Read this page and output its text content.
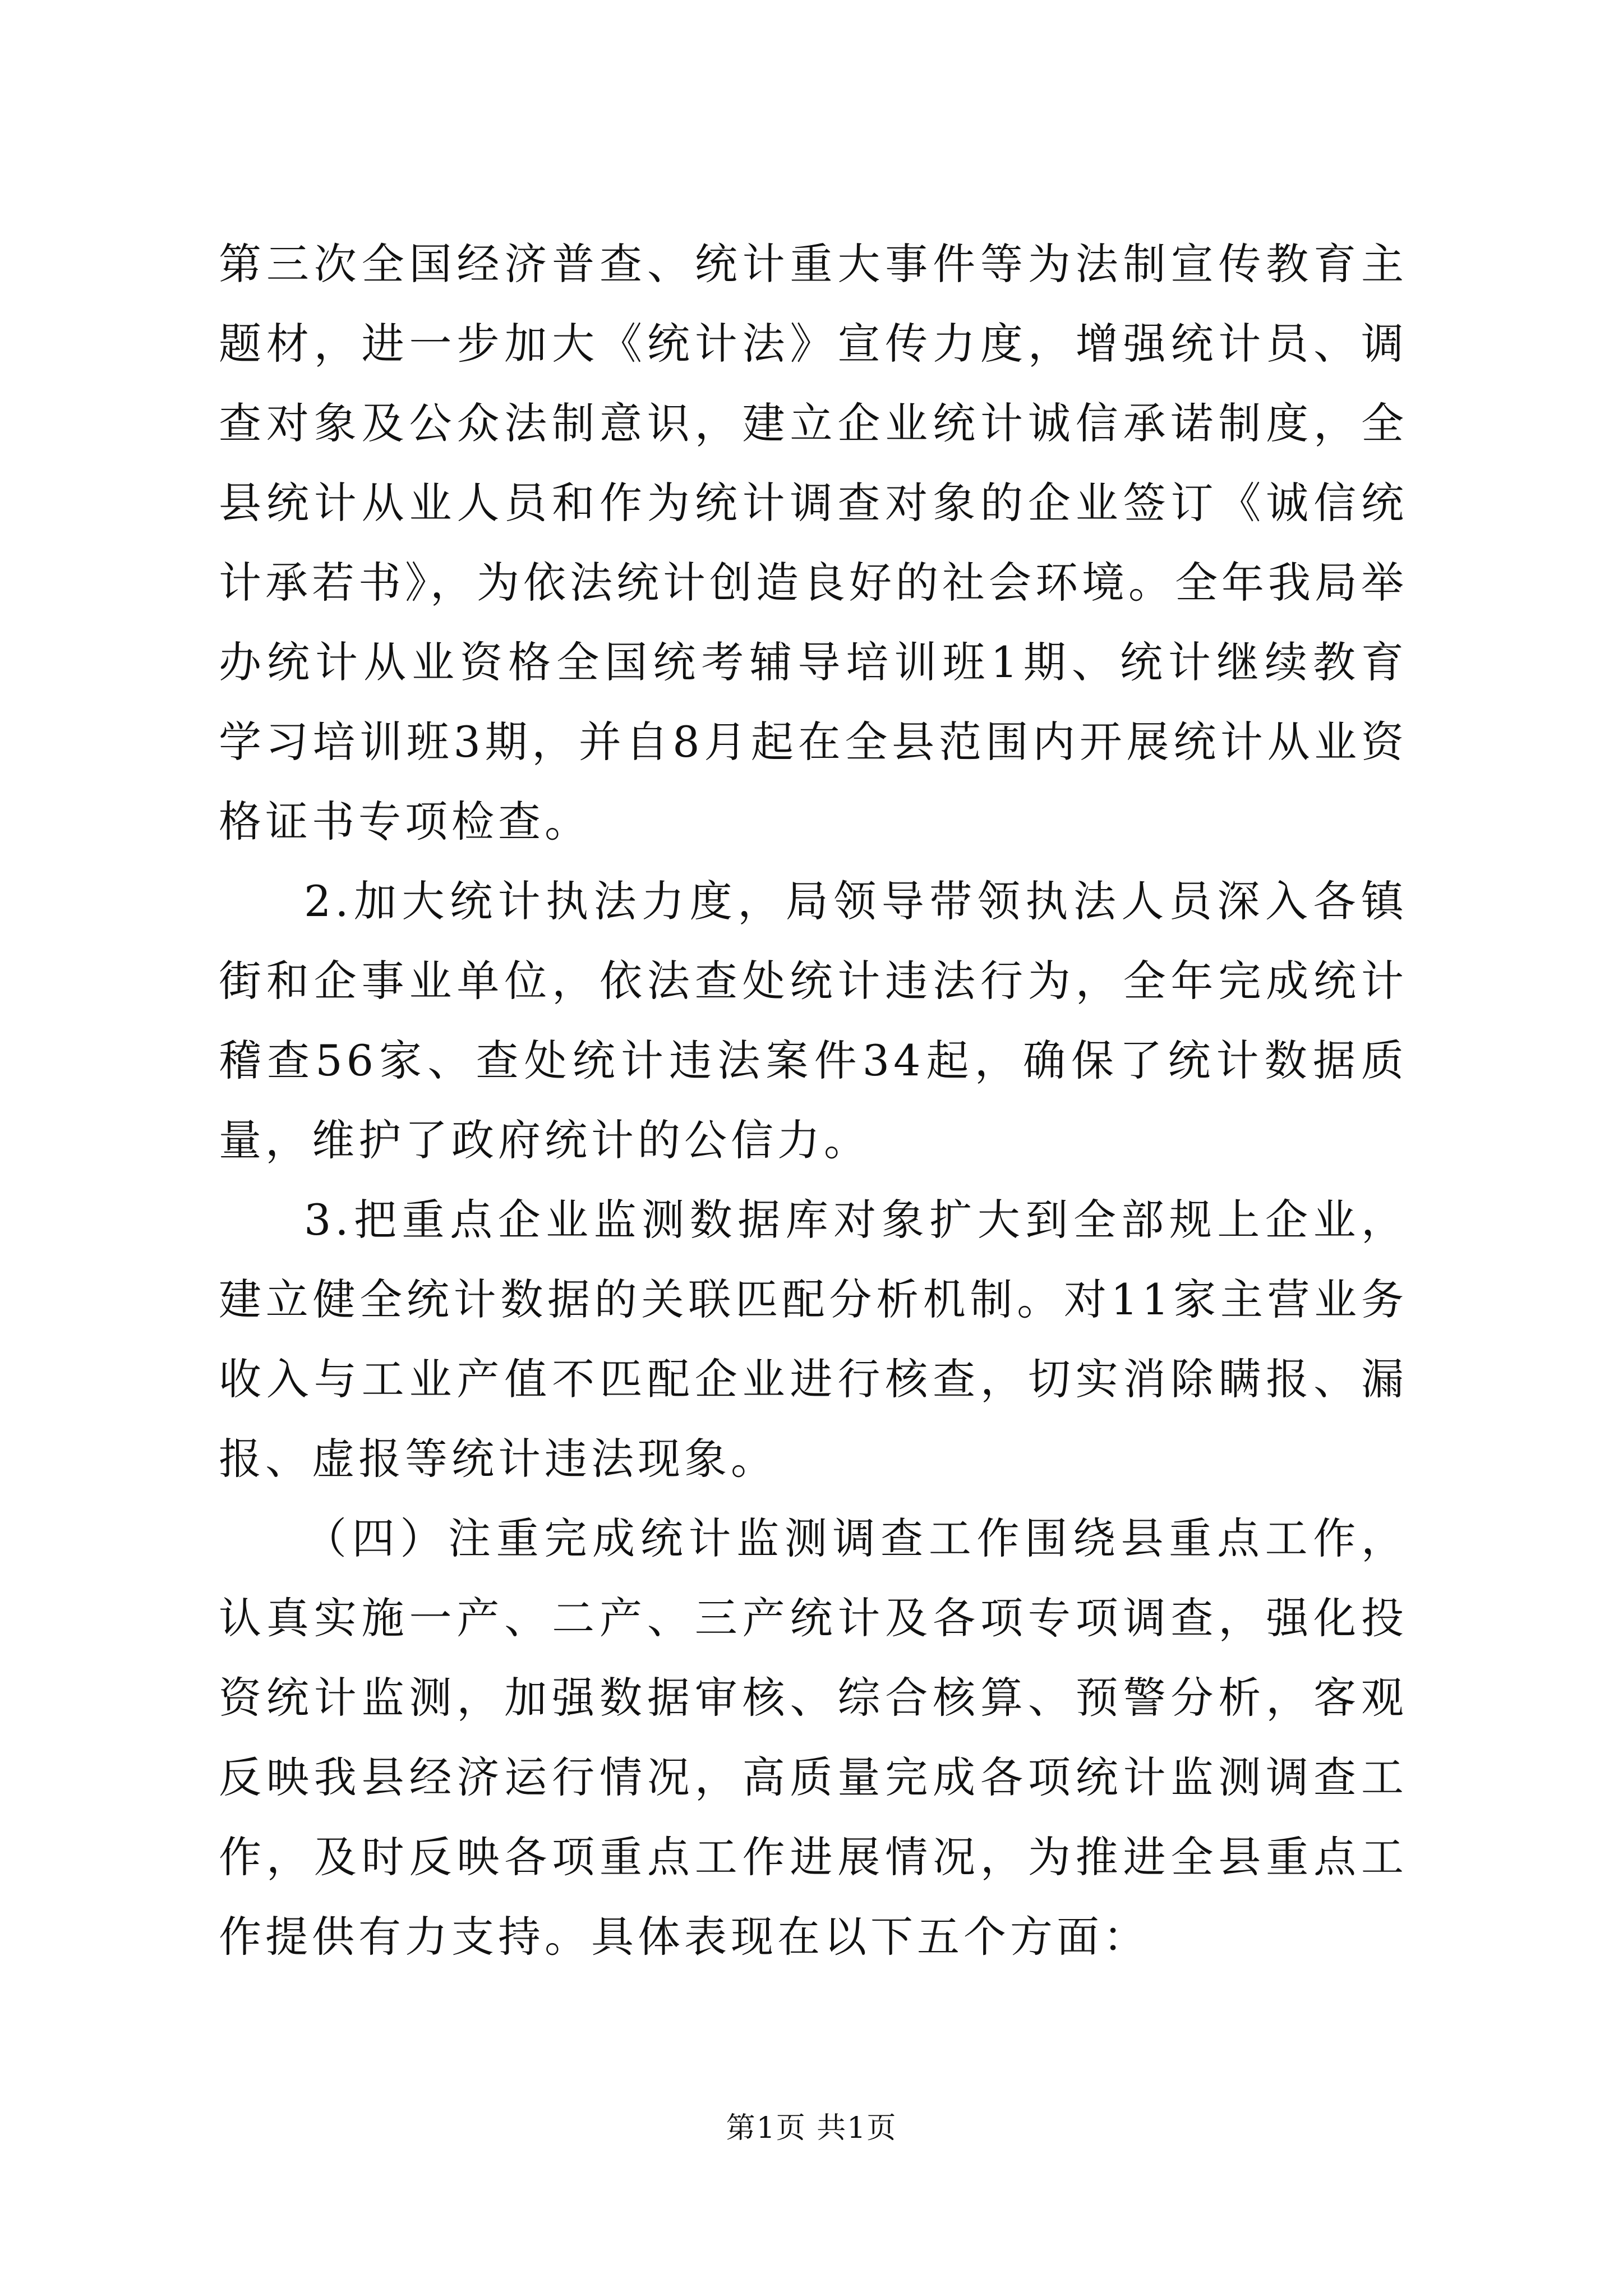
第三次全国经济普查、统计重大事件等为法制宣传教育主题材，进一步加大《统计法》宣传力度，增强统计员、调查对象及公众法制意识，建立企业统计诚信承诺制度，全县统计从业人员和作为统计调查对象的企业签订《诚信统计承若书》，为依法统计创造良好的社会环境。全年我局举办统计从业资格全国统考辅导培训班1期、统计继续教育学习培训班3期，并自8月起在全县范围内开展统计从业资格证书专项检查。

2.加大统计执法力度，局领导带领执法人员深入各镇街和企事业单位，依法查处统计违法行为，全年完成统计稽查56家、查处统计违法案件34起，确保了统计数据质量，维护了政府统计的公信力。

3.把重点企业监测数据库对象扩大到全部规上企业，建立健全统计数据的关联匹配分析机制。对11家主营业务收入与工业产值不匹配企业进行核查，切实消除瞒报、漏报、虚报等统计违法现象。

（四）注重完成统计监测调查工作围绕县重点工作，认真实施一产、二产、三产统计及各项专项调查，强化投资统计监测，加强数据审核、综合核算、预警分析，客观反映我县经济运行情况，高质量完成各项统计监测调查工作，及时反映各项重点工作进展情况，为推进全县重点工作提供有力支持。具体表现在以下五个方面：

第1页 共1页
